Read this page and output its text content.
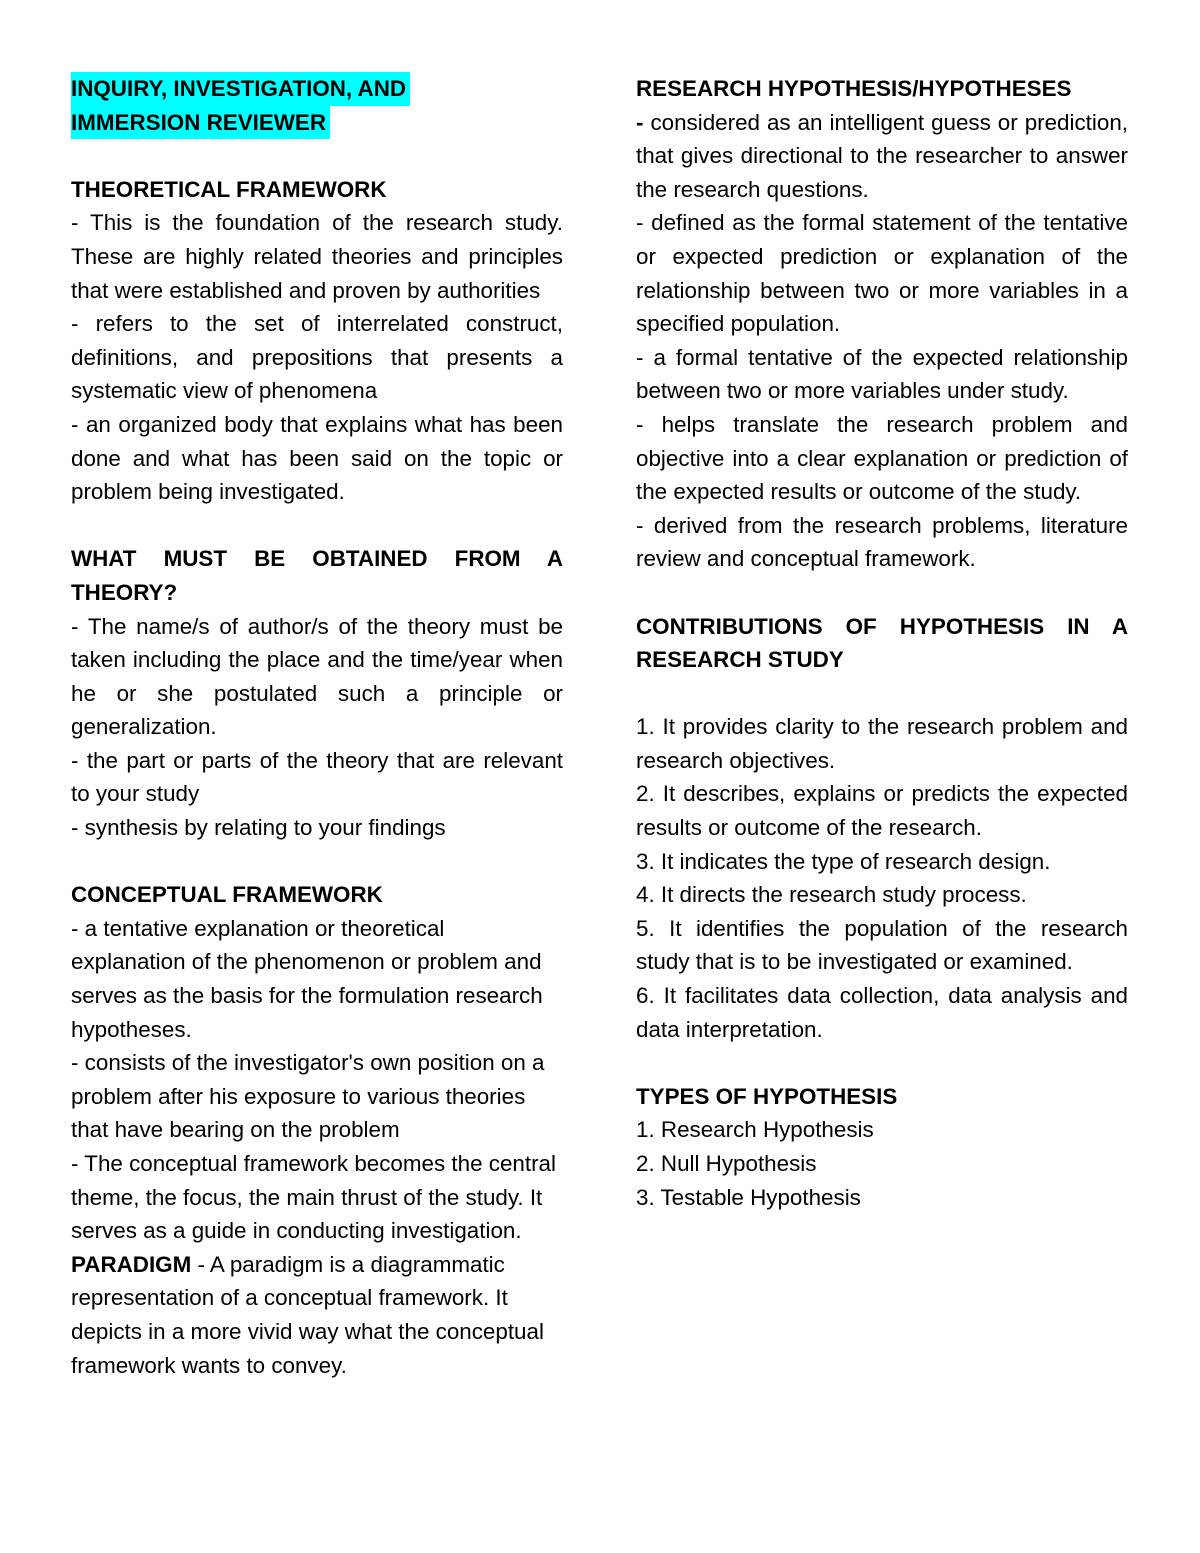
INQUIRY, INVESTIGATION, AND
IMMERSION REVIEWER
THEORETICAL FRAMEWORK
- This is the foundation of the research study. These are highly related theories and principles that were established and proven by authorities
- refers to the set of interrelated construct, definitions, and prepositions that presents a systematic view of phenomena
- an organized body that explains what has been done and what has been said on the topic or problem being investigated.
WHAT MUST BE OBTAINED FROM A THEORY?
- The name/s of author/s of the theory must be taken including the place and the time/year when he or she postulated such a principle or generalization.
- the part or parts of the theory that are relevant to your study
- synthesis by relating to your findings
CONCEPTUAL FRAMEWORK
- a tentative explanation or theoretical explanation of the phenomenon or problem and serves as the basis for the formulation research hypotheses.
- consists of the investigator's own position on a problem after his exposure to various theories that have bearing on the problem
- The conceptual framework becomes the central theme, the focus, the main thrust of the study. It serves as a guide in conducting investigation.
PARADIGM - A paradigm is a diagrammatic representation of a conceptual framework. It depicts in a more vivid way what the conceptual framework wants to convey.
RESEARCH HYPOTHESIS/HYPOTHESES
- considered as an intelligent guess or prediction, that gives directional to the researcher to answer the research questions.
- defined as the formal statement of the tentative or expected prediction or explanation of the relationship between two or more variables in a specified population.
- a formal tentative of the expected relationship between two or more variables under study.
- helps translate the research problem and objective into a clear explanation or prediction of the expected results or outcome of the study.
- derived from the research problems, literature review and conceptual framework.
CONTRIBUTIONS OF HYPOTHESIS IN A RESEARCH STUDY
1. It provides clarity to the research problem and research objectives.
2. It describes, explains or predicts the expected results or outcome of the research.
3. It indicates the type of research design.
4. It directs the research study process.
5. It identifies the population of the research study that is to be investigated or examined.
6. It facilitates data collection, data analysis and data interpretation.
TYPES OF HYPOTHESIS
1. Research Hypothesis
2. Null Hypothesis
3. Testable Hypothesis
